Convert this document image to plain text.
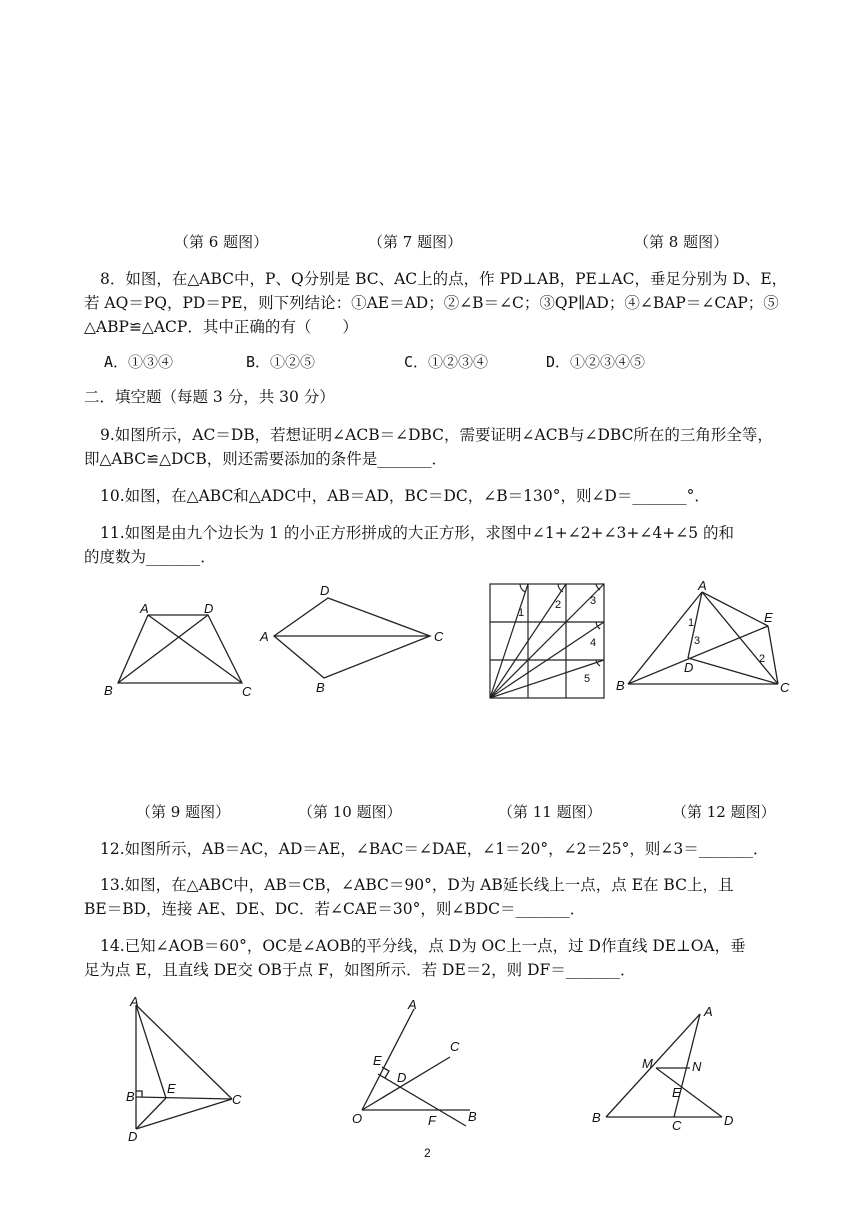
（第 6 题图）	（第 7 题图）	（第 8 题图）
8．如图，在△ABC中，P、Q分别是 BC、AC上的点，作 PD⊥AB，PE⊥AC，垂足分别为 D、E，
若 AQ＝PQ，PD＝PE，则下列结论：①AE＝AD；②∠B＝∠C；③QP∥AD；④∠BAP＝∠CAP；⑤
△ABP≌△ACP．其中正确的有（　　）
A．①③④	B．①②⑤	C．①②③④	D．①②③④⑤
二．填空题（每题 3 分，共 30 分）
9.如图所示，AC＝DB，若想证明∠ACB＝∠DBC，需要证明∠ACB与∠DBC所在的三角形全等，
即△ABC≌△DCB，则还需要添加的条件是_______．
10.如图，在△ABC和△ADC中，AB＝AD，BC＝DC，∠B＝130°，则∠D＝_______°．
11.如图是由九个边长为 1 的小正方形拼成的大正方形，求图中∠1+∠2+∠3+∠4+∠5 的和
的度数为_______．
A	D
B	C
D
A	C
B
1
2	3
4
5
A
E
1
3
D
2
B	C
（第 9 题图）	（第 10 题图）	（第 11 题图）	（第 12 题图）
12.如图所示，AB＝AC，AD＝AE，∠BAC＝∠DAE，∠1＝20°，∠2＝25°，则∠3＝_______．
13.如图，在△ABC中，AB＝CB，∠ABC＝90°，D为 AB延长线上一点，点 E在 BC上，且
BE＝BD，连接 AE、DE、DC．若∠CAE＝30°，则∠BDC＝_______．
14.已知∠AOB＝60°，OC是∠AOB的平分线，点 D为 OC上一点，过 D作直线 DE⊥OA，垂
足为点 E，且直线 DE交 OB于点 F，如图所示．若 DE＝2，则 DF＝_______．
A
B
E
C
D
A
C
E
D
O	F B
A
M	N
E
B
C	D
2
